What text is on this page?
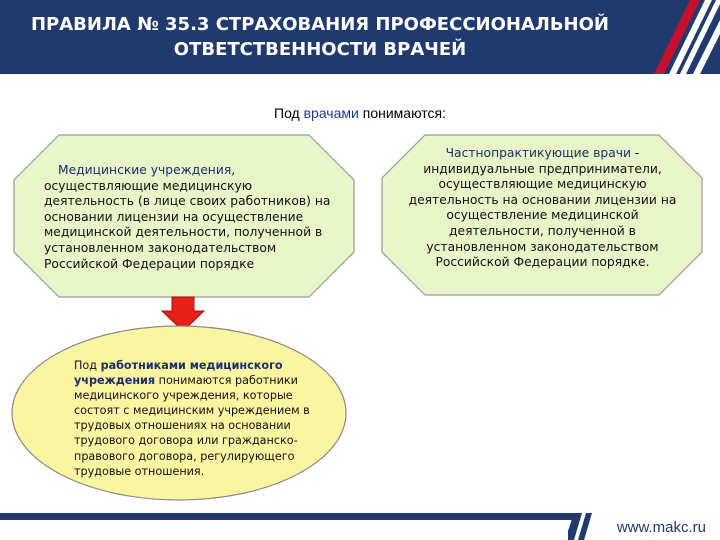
ПРАВИЛА № 35.3 СТРАХОВАНИЯ ПРОФЕССИОНАЛЬНОЙ
ОТВЕТСТВЕННОСТИ ВРАЧЕЙ
Под врачами понимаются:
Медицинские учреждения, осуществляющие медицинскую деятельность (в лице своих работников) на основании лицензии на осуществление медицинской деятельности, полученной в установленном законодательством Российской Федерации порядке
Частнопрактикующие врачи - индивидуальные предприниматели, осуществляющие медицинскую деятельность на основании лицензии на осуществление медицинской деятельности, полученной в установленном законодательством Российской Федерации порядке.
Под работниками медицинского учреждения понимаются работники медицинского учреждения, которые состоят с медицинским учреждением в трудовых отношениях на основании трудового договора или гражданско-правового договора, регулирующего трудовые отношения.
www.makc.ru
